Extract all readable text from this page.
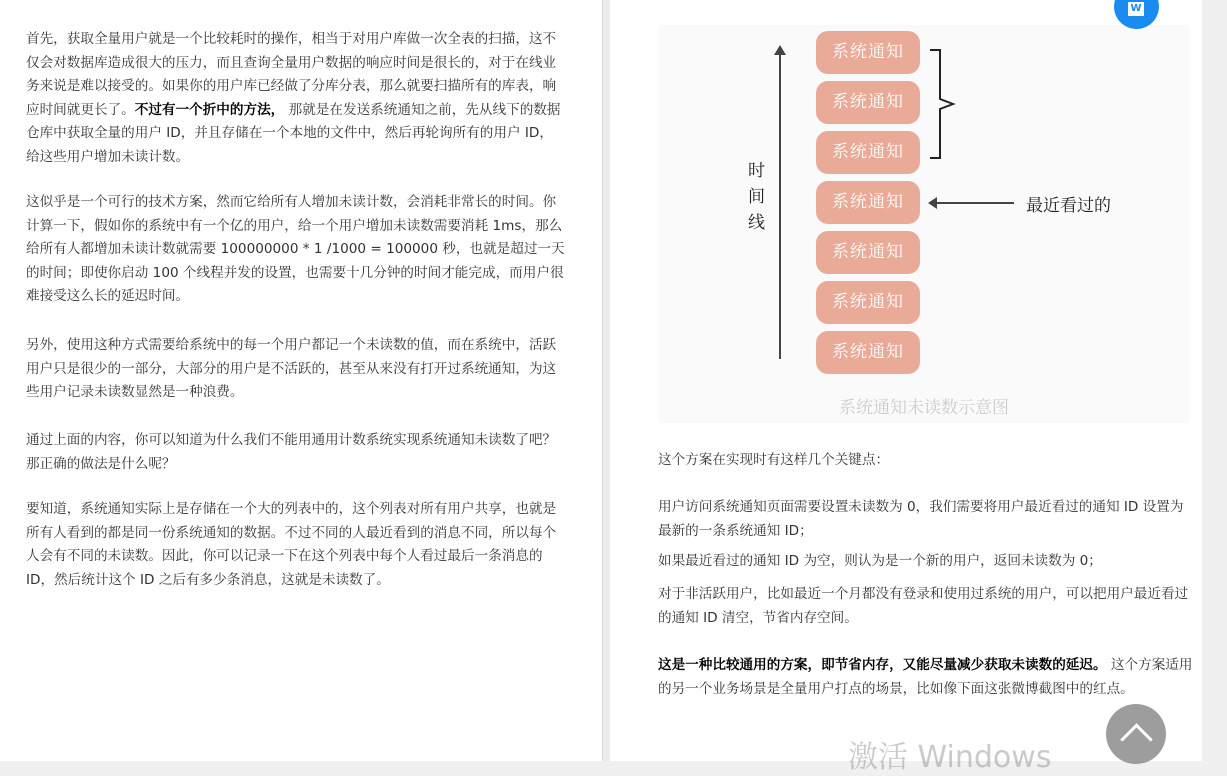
首先，获取全量用户就是一个比较耗时的操作，相当于对用户库做一次全表的扫描，这不仅会对数据库造成很大的压力，而且查询全量用户数据的响应时间是很长的，对于在线业务来说是难以接受的。如果你的用户库已经做了分库分表，那么就要扫描所有的库表，响应时间就更长了。不过有一个折中的方法， 那就是在发送系统通知之前，先从线下的数据仓库中获取全量的用户 ID，并且存储在一个本地的文件中，然后再轮询所有的用户 ID，给这些用户增加未读计数。

这似乎是一个可行的技术方案，然而它给所有人增加未读计数，会消耗非常长的时间。你计算一下，假如你的系统中有一个亿的用户，给一个用户增加未读数需要消耗 1ms，那么给所有人都增加未读计数就需要 100000000 * 1 /1000 = 100000 秒，也就是超过一天的时间；即使你启动 100 个线程并发的设置，也需要十几分钟的时间才能完成，而用户很难接受这么长的延迟时间。

另外，使用这种方式需要给系统中的每一个用户都记一个未读数的值，而在系统中，活跃用户只是很少的一部分，大部分的用户是不活跃的，甚至从来没有打开过系统通知，为这些用户记录未读数显然是一种浪费。

通过上面的内容，你可以知道为什么我们不能用通用计数系统实现系统通知未读数了吧？那正确的做法是什么呢？

要知道，系统通知实际上是存储在一个大的列表中的，这个列表对所有用户共享，也就是所有人看到的都是同一份系统通知的数据。不过不同的人最近看到的消息不同，所以每个人会有不同的未读数。因此，你可以记录一下在这个列表中每个人看过最后一条消息的 ID，然后统计这个 ID 之后有多少条消息，这就是未读数了。

时间线
系统通知
系统通知
系统通知
系统通知
系统通知
系统通知
系统通知
最近看过的
系统通知未读数示意图

这个方案在实现时有这样几个关键点：

用户访问系统通知页面需要设置未读数为 0，我们需要将用户最近看过的通知 ID 设置为最新的一条系统通知 ID；

如果最近看过的通知 ID 为空，则认为是一个新的用户，返回未读数为 0；

对于非活跃用户，比如最近一个月都没有登录和使用过系统的用户，可以把用户最近看过的通知 ID 清空，节省内存空间。

这是一种比较通用的方案，即节省内存，又能尽量减少获取未读数的延迟。 这个方案适用的另一个业务场景是全量用户打点的场景，比如像下面这张微博截图中的红点。

W
激活 Windows
